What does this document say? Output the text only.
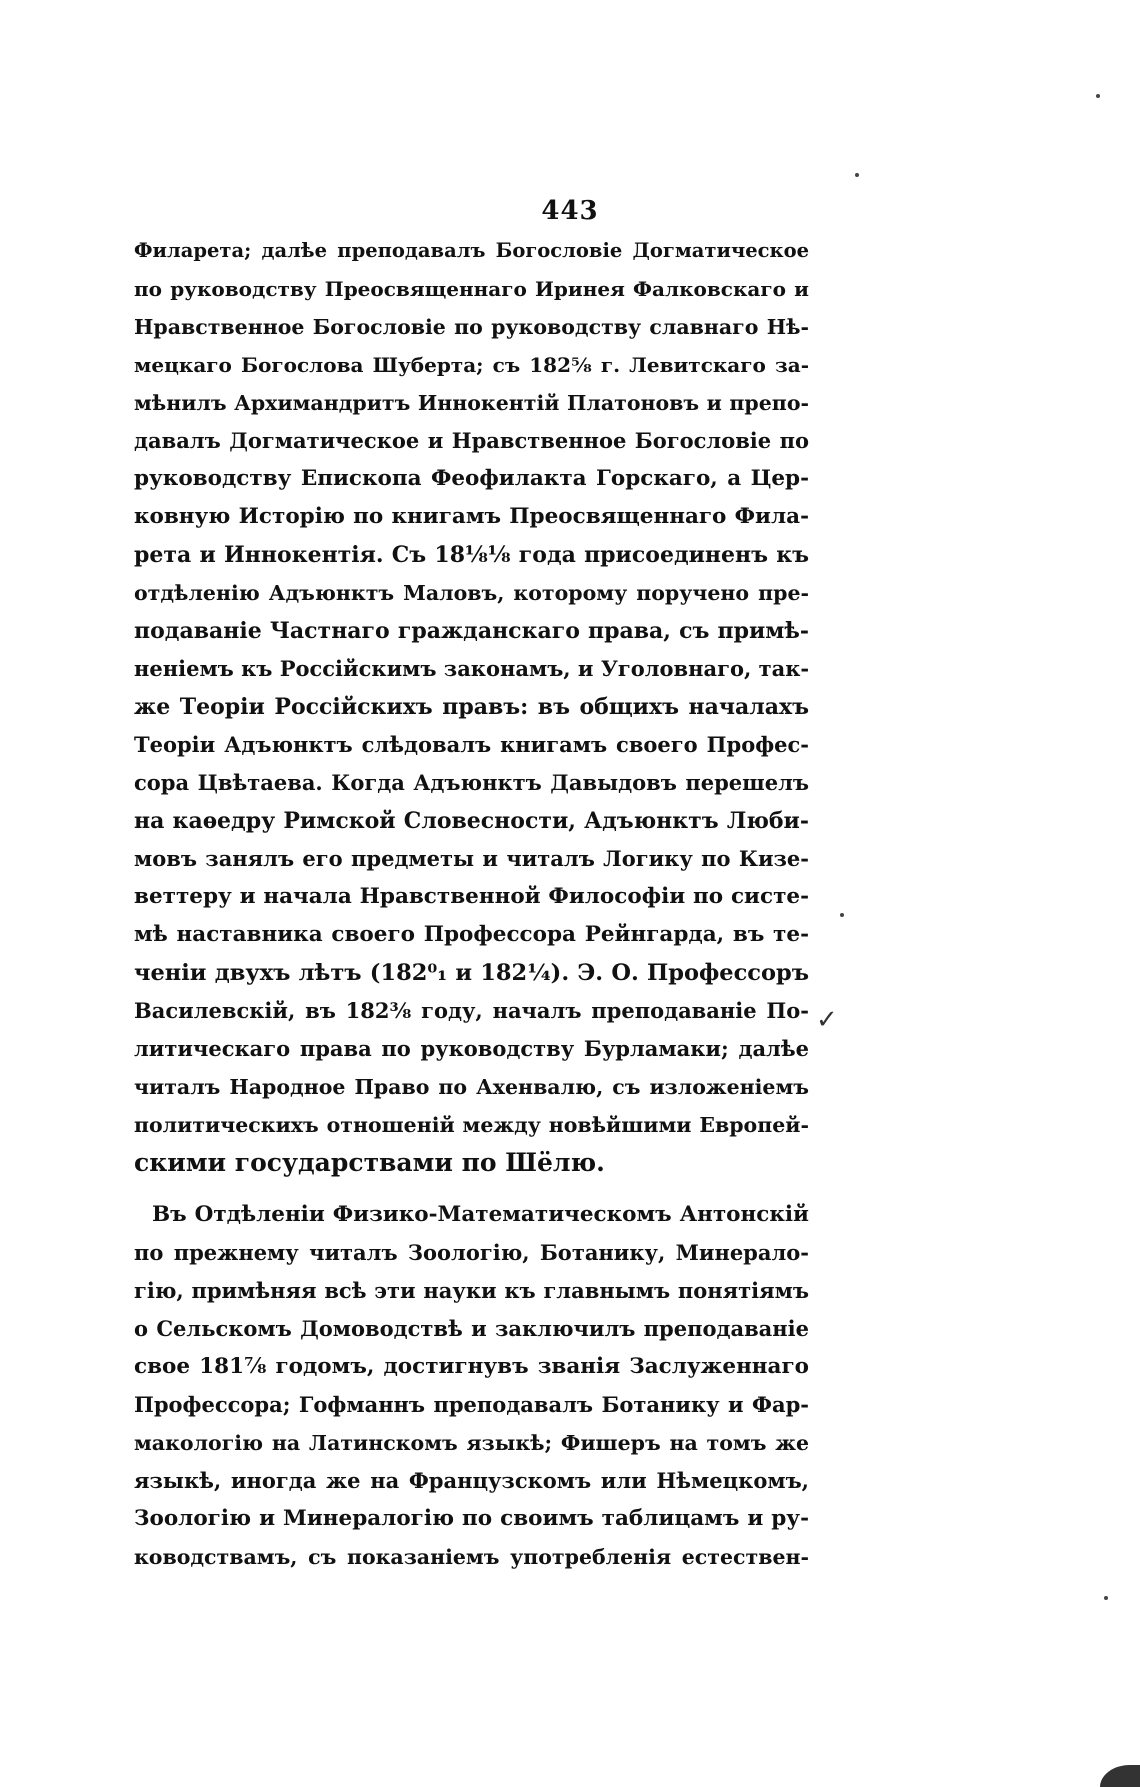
443
Филарета; далѣе преподавалъ Богословіе Догматическое
по руководству Преосвященнаго Иринея Фалковскаго и
Нравственное Богословіе по руководству славнаго Нѣ-
мецкаго Богослова Шуберта; съ 182⅝ г. Левитскаго за-
мѣнилъ Архимандритъ Иннокентій Платоновъ и препо-
давалъ Догматическое и Нравственное Богословіе по
руководству Епископа Феофилакта Горскаго, а Цер-
ковную Исторію по книгамъ Преосвященнаго Фила-
рета и Иннокентія. Съ 18⅛⅛ года присоединенъ къ
отдѣленію Адъюнктъ Маловъ, которому поручено пре-
подаваніе Частнаго гражданскаго права, съ примѣ-
неніемъ къ Россійскимъ законамъ, и Уголовнаго, так-
же Теоріи Россійскихъ правъ: въ общихъ началахъ
Теоріи Адъюнктъ слѣдовалъ книгамъ своего Профес-
сора Цвѣтаева. Когда Адъюнктъ Давыдовъ перешелъ
на каѳедру Римской Словесности, Адъюнктъ Люби-
мовъ занялъ его предметы и читалъ Логику по Кизе-
веттеру и начала Нравственной Философіи по систе-
мѣ наставника своего Профессора Рейнгарда, въ те-
ченіи двухъ лѣтъ (182⁰₁ и 182¼). Э. О. Профессоръ
Василевскій, въ 182⅜ году, началъ преподаваніе По-
литическаго права по руководству Бурламаки; далѣе
читалъ Народное Право по Ахенвалю, съ изложеніемъ
политическихъ отношеній между новѣйшими Европей-
скими государствами по Шёлю.
Въ Отдѣленіи Физико-Математическомъ Антонскій
по прежнему читалъ Зоологію, Ботанику, Минерало-
гію, примѣняя всѣ эти науки къ главнымъ понятіямъ
о Сельскомъ Домоводствѣ и заключилъ преподаваніе
свое 181⅞ годомъ, достигнувъ званія Заслуженнаго
Профессора; Гофманнъ преподавалъ Ботанику и Фар-
макологію на Латинскомъ языкѣ; Фишеръ на томъ же
языкѣ, иногда же на Французскомъ или Нѣмецкомъ,
Зоологію и Минералогію по своимъ таблицамъ и ру-
ководствамъ, съ показаніемъ употребленія естествен-
✓
